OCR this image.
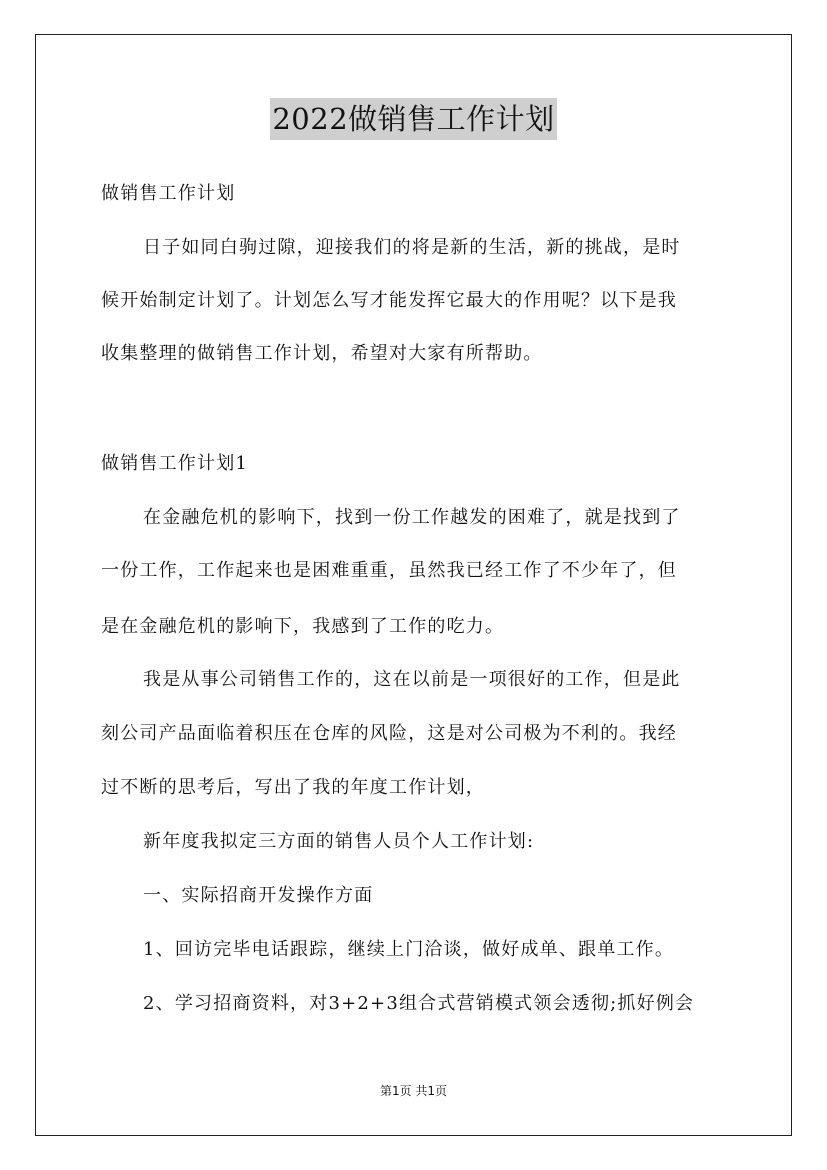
2022做销售工作计划
做销售工作计划
日子如同白驹过隙，迎接我们的将是新的生活，新的挑战，是时
候开始制定计划了。计划怎么写才能发挥它最大的作用呢？以下是我
收集整理的做销售工作计划，希望对大家有所帮助。
做销售工作计划1
在金融危机的影响下，找到一份工作越发的困难了，就是找到了
一份工作，工作起来也是困难重重，虽然我已经工作了不少年了，但
是在金融危机的影响下，我感到了工作的吃力。
我是从事公司销售工作的，这在以前是一项很好的工作，但是此
刻公司产品面临着积压在仓库的风险，这是对公司极为不利的。我经
过不断的思考后，写出了我的年度工作计划，
新年度我拟定三方面的销售人员个人工作计划:
一、实际招商开发操作方面
1、回访完毕电话跟踪，继续上门洽谈，做好成单、跟单工作。
2、学习招商资料，对3+2+3组合式营销模式领会透彻;抓好例会
第1页 共1页
